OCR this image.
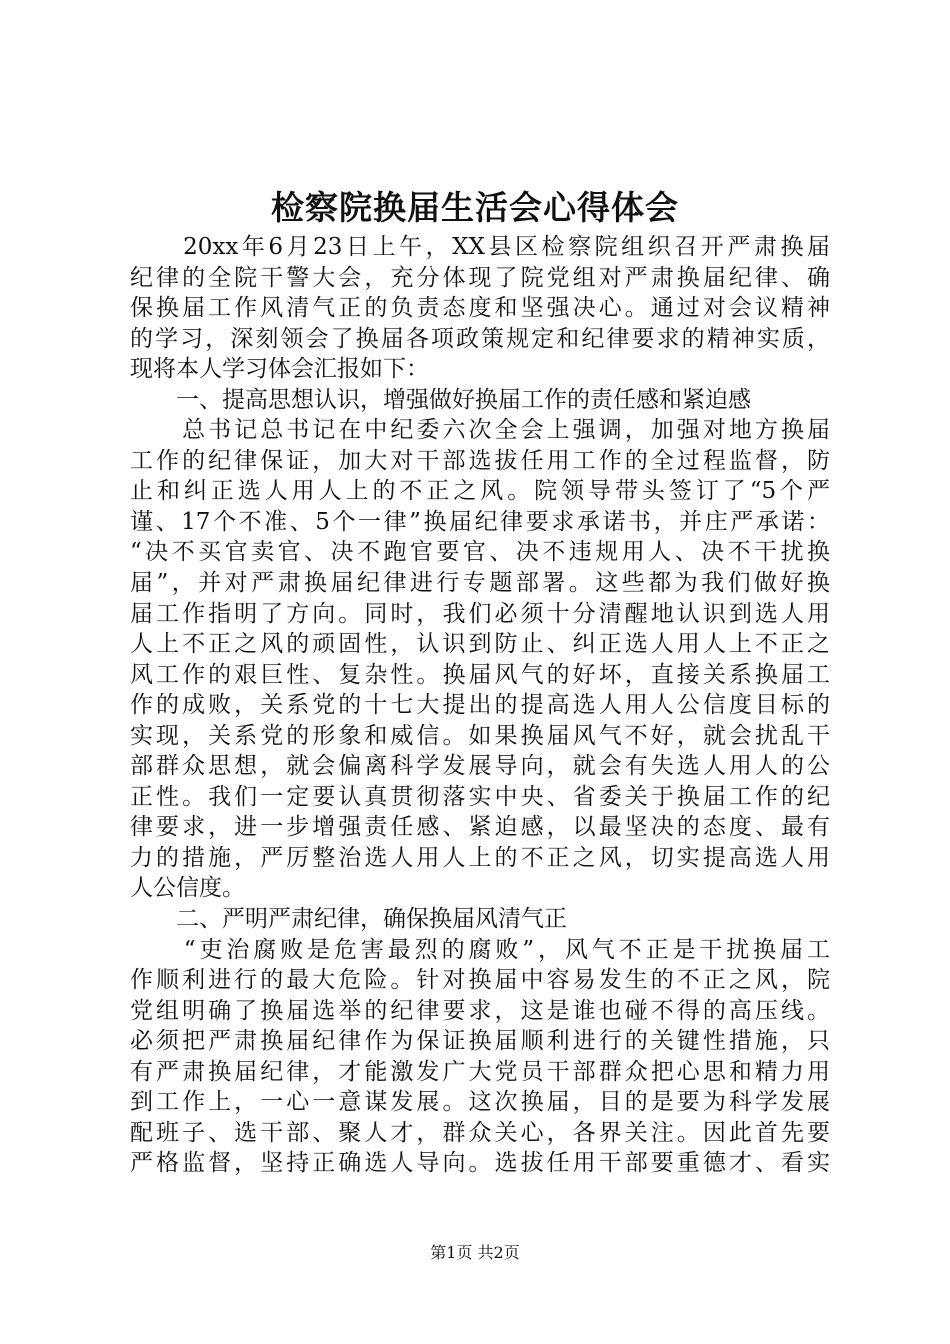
检察院换届生活会心得体会
　　20xx年6月23日上午，XX县区检察院组织召开严肃换届
纪律的全院干警大会，充分体现了院党组对严肃换届纪律、确
保换届工作风清气正的负责态度和坚强决心。通过对会议精神
的学习，深刻领会了换届各项政策规定和纪律要求的精神实质，
现将本人学习体会汇报如下：
　　一、提高思想认识，增强做好换届工作的责任感和紧迫感
　　总书记总书记在中纪委六次全会上强调，加强对地方换届
工作的纪律保证，加大对干部选拔任用工作的全过程监督，防
止和纠正选人用人上的不正之风。院领导带头签订了“5个严
谨、17个不准、5个一律”换届纪律要求承诺书，并庄严承诺：
“决不买官卖官、决不跑官要官、决不违规用人、决不干扰换
届”，并对严肃换届纪律进行专题部署。这些都为我们做好换
届工作指明了方向。同时，我们必须十分清醒地认识到选人用
人上不正之风的顽固性，认识到防止、纠正选人用人上不正之
风工作的艰巨性、复杂性。换届风气的好坏，直接关系换届工
作的成败，关系党的十七大提出的提高选人用人公信度目标的
实现，关系党的形象和威信。如果换届风气不好，就会扰乱干
部群众思想，就会偏离科学发展导向，就会有失选人用人的公
正性。我们一定要认真贯彻落实中央、省委关于换届工作的纪
律要求，进一步增强责任感、紧迫感，以最坚决的态度、最有
力的措施，严厉整治选人用人上的不正之风，切实提高选人用
人公信度。
　　二、严明严肃纪律，确保换届风清气正
　　“吏治腐败是危害最烈的腐败”，风气不正是干扰换届工
作顺利进行的最大危险。针对换届中容易发生的不正之风，院
党组明确了换届选举的纪律要求，这是谁也碰不得的高压线。
必须把严肃换届纪律作为保证换届顺利进行的关键性措施，只
有严肃换届纪律，才能激发广大党员干部群众把心思和精力用
到工作上，一心一意谋发展。这次换届，目的是要为科学发展
配班子、选干部、聚人才，群众关心，各界关注。因此首先要
严格监督，坚持正确选人导向。选拔任用干部要重德才、看实
第1页 共2页
